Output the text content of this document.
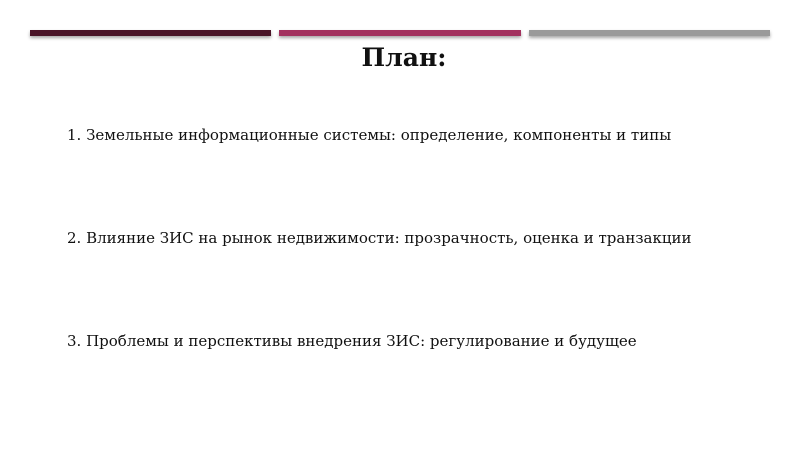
План:
1. Земельные информационные системы: определение, компоненты и типы
2. Влияние ЗИС на рынок недвижимости: прозрачность, оценка и транзакции
3. Проблемы и перспективы внедрения ЗИС: регулирование и будущее
